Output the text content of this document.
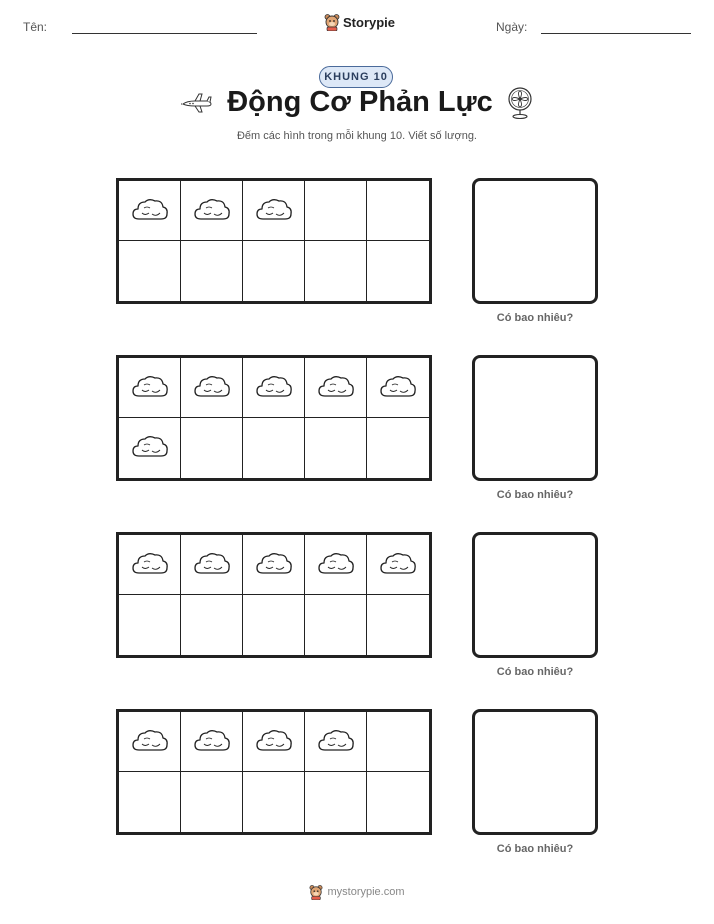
Tên:	Storypie	Ngày:
KHUNG 10
Động Cơ Phản Lực
Đếm các hình trong mỗi khung 10. Viết số lượng.
Có bao nhiêu?
Có bao nhiêu?
Có bao nhiêu?
Có bao nhiêu?
mystorypie.com
